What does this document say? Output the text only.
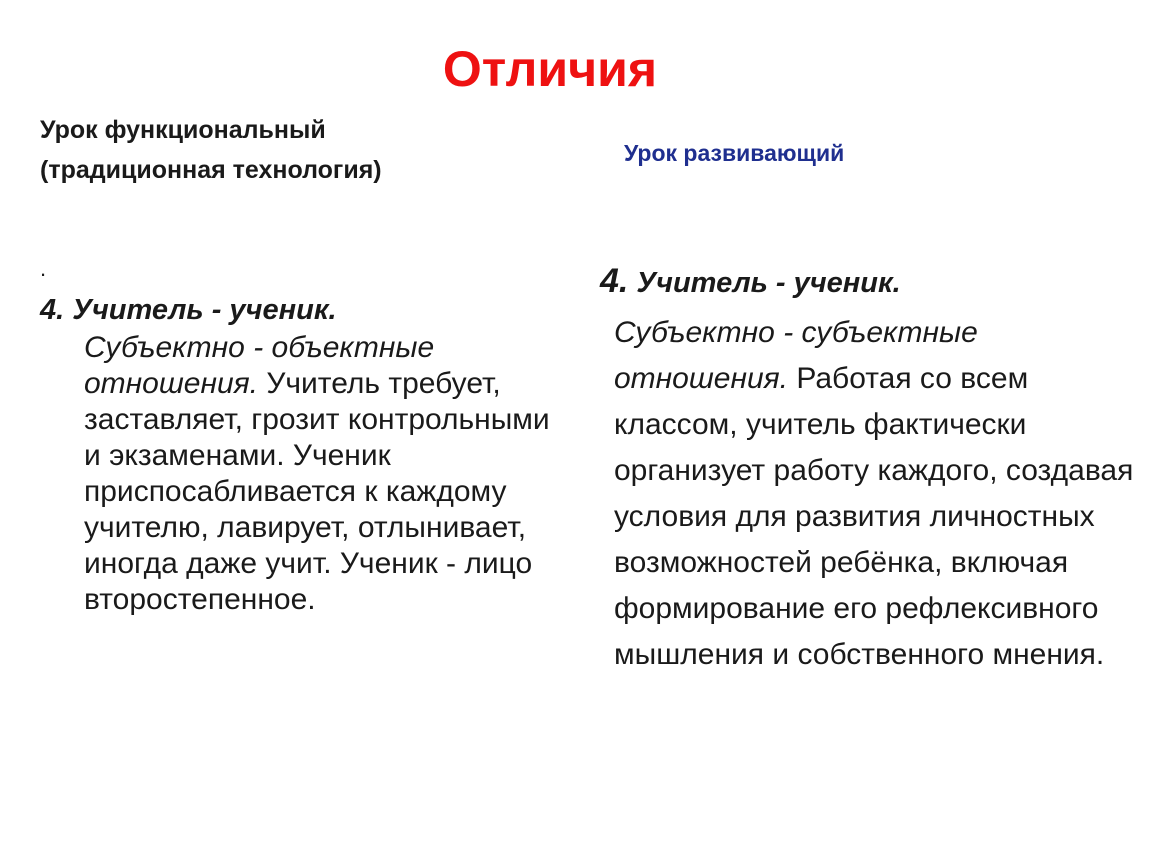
Отличия
Урок функциональный
(традиционная технология)
Урок развивающий
.
4. Учитель - ученик.
Субъектно - объектные отношения. Учитель требует, заставляет, грозит контрольными и экзаменами. Ученик приспосабливается к каждому учителю, лавирует, отлынивает, иногда даже учит. Ученик - лицо второстепенное.
4. Учитель - ученик.
Субъектно - субъектные отношения. Работая со всем классом, учитель фактически организует работу каждого, создавая условия для развития личностных возможностей ребёнка, включая формирование его рефлексивного мышления и собственного мнения.
